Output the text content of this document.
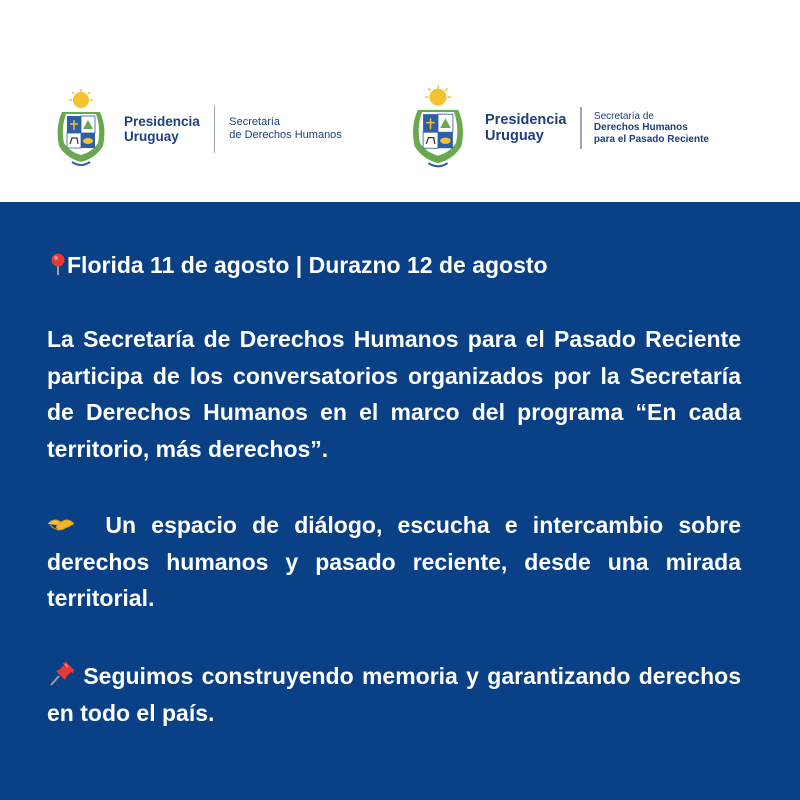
Presidencia
Uruguay
Secretaría
de Derechos Humanos
Presidencia
Uruguay
Secretaría de
Derechos Humanos
para el Pasado Reciente
Florida 11 de agosto | Durazno 12 de agosto
La Secretaría de Derechos Humanos para el Pasado Reciente participa de los conversatorios organizados por la Secretaría de Derechos Humanos en el marco del programa “En cada territorio, más derechos”.
Un espacio de diálogo, escucha e intercambio sobre derechos humanos y pasado reciente, desde una mirada territorial.
Seguimos construyendo memoria y garantizando derechos en todo el país.
